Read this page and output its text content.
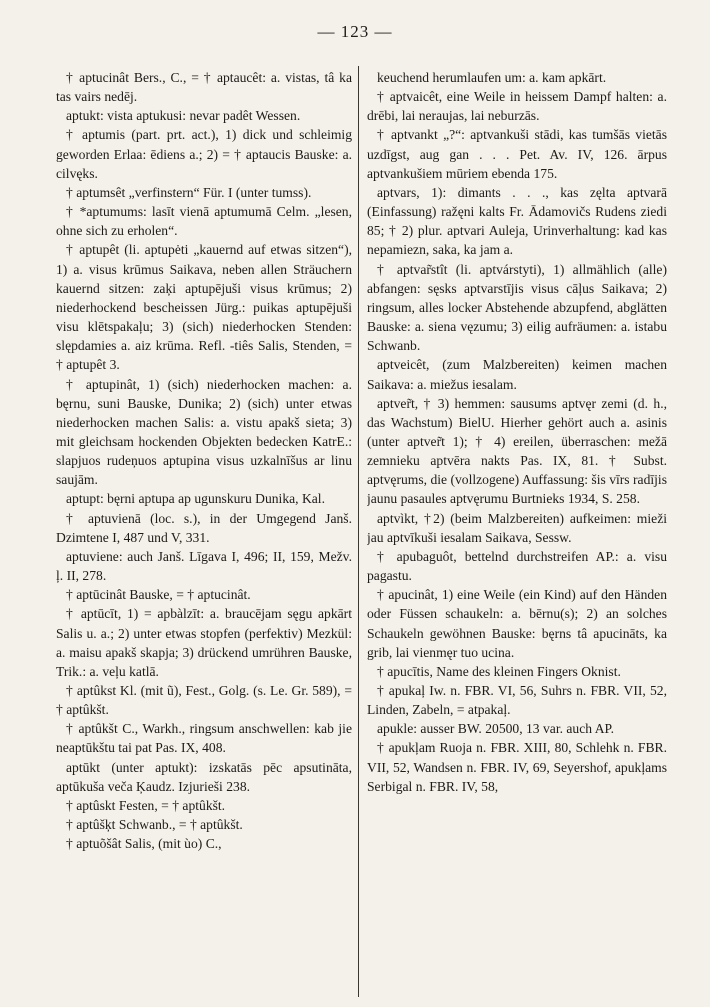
— 123 —

† aptucinât Bers., C., = † aptaucêt: a. vistas, tâ ka tas vairs nedēj.

aptukt: vista aptukusi: nevar padêt Wessen.

† aptumis (part. prt. act.), 1) dick und schleimig geworden Erlaa: ēdiens a.; 2) = † aptaucis Bauske: a. cilvęks.

† aptumsêt „verfinstern“ Für. I (unter tumss).

† *aptumums: lasīt vienā aptumumā Celm. „lesen, ohne sich zu erholen“.

† aptupêt (li. aptupėti „kauernd auf etwas sitzen“), 1) a. visus krūmus Saikava, neben allen Sträuchern kauernd sitzen: zaķi aptupējuši visus krūmus; 2) niederhockend bescheissen Jürg.: puikas aptupējuši visu klētspakaļu; 3) (sich) niederhocken Stenden: slępdamies a. aiz krūma. Refl. -tiês Salis, Stenden, = † aptupêt 3.

† aptupinât, 1) (sich) niederhocken machen: a. bęrnu, suni Bauske, Dunika; 2) (sich) unter etwas niederhocken machen Salis: a. vistu apakš sieta; 3) mit gleichsam hockenden Objekten bedecken KatrE.: slapjuos rudeņuos aptupina visus uzkalnīšus ar linu saujām.

aptupt: bęrni aptupa ap ugunskuru Dunika, Kal.

† aptuvienā (loc. s.), in der Umgegend Janš. Dzimtene I, 487 und V, 331.

aptuviene: auch Janš. Līgava I, 496; II, 159, Mežv. ļ. II, 278.

† aptūcinât Bauske, = † aptucinât.

† aptūcīt, 1) = apbàlzīt: a. braucējam sęgu apkārt Salis u. a.; 2) unter etwas stopfen (perfektiv) Mezkül: a. maisu apakš skapja; 3) drückend umrühren Bauske, Trik.: a. veļu katlā.

† aptûkst Kl. (mit ũ), Fest., Golg. (s. Le. Gr. 589), = † aptûkšt.

† aptûkšt C., Warkh., ringsum anschwellen: kab jie neaptūkštu tai pat Pas. IX, 408.

aptūkt (unter aptukt): izskatās pēc apsutināta, aptūkuša veča Ķaudz. Izjurieši 238.

† aptûskt Festen, = † aptûkšt.

† aptûšķt Schwanb., = † aptûkšt.

† aptuõšât Salis, (mit ùo) C.,

keuchend herumlaufen um: a. kam apkārt.

† aptvaicêt, eine Weile in heissem Dampf halten: a. drēbi, lai neraujas, lai neburzās.

† aptvankt „?“: aptvankuši stādi, kas tumšās vietās uzdīgst, aug gan . . . Pet. Av. IV, 126. ārpus aptvankušiem mūriem ebenda 175.

aptvars, 1): dimants . . ., kas zęlta aptvarā (Einfassung) ražęni kalts Fr. Ādamovičs Rudens ziedi 85; † 2) plur. aptvari Auleja, Urinverhaltung: kad kas nepamiezn, saka, ka jam a.

† aptvar̃stît (li. aptvárstyti), 1) allmählich (alle) abfangen: sęsks aptvarstījis visus cāļus Saikava; 2) ringsum, alles locker Abstehende abzupfend, abglätten Bauske: a. siena vęzumu; 3) eilig aufräumen: a. istabu Schwanb.

aptveicêt, (zum Malzbereiten) keimen machen Saikava: a. miežus iesalam.

aptver̃t, † 3) hemmen: sausums aptvęr zemi (d. h., das Wachstum) BielU. Hierher gehört auch a. asinis (unter aptver̃t 1); † 4) ereilen, überraschen: mežā zemnieku aptvēra nakts Pas. IX, 81. † Subst. aptvęrums, die (vollzogene) Auffassung: šis vīrs radījis jaunu pasaules aptvęrumu Burtnieks 1934, S. 258.

aptvìkt, †2) (beim Malzbereiten) aufkeimen: mieži jau aptvīkuši iesalam Saikava, Sessw.

† apubaguôt, bettelnd durchstreifen AP.: a. visu pagastu.

† apucinât, 1) eine Weile (ein Kind) auf den Händen oder Füssen schaukeln: a. bērnu(s); 2) an solches Schaukeln gewöhnen Bauske: bęrns tâ apucināts, ka grib, lai vienmęr tuo ucina.

† apucītis, Name des kleinen Fingers Oknist.

† apukaļ Iw. n. FBR. VI, 56, Suhrs n. FBR. VII, 52, Linden, Zabeln, = atpakaļ.

apukle: ausser BW. 20500, 13 var. auch AP.

† apukļam Ruoja n. FBR. XIII, 80, Schlehk n. FBR. VII, 52, Wandsen n. FBR. IV, 69, Seyershof, apukļams Serbigal n. FBR. IV, 58,
